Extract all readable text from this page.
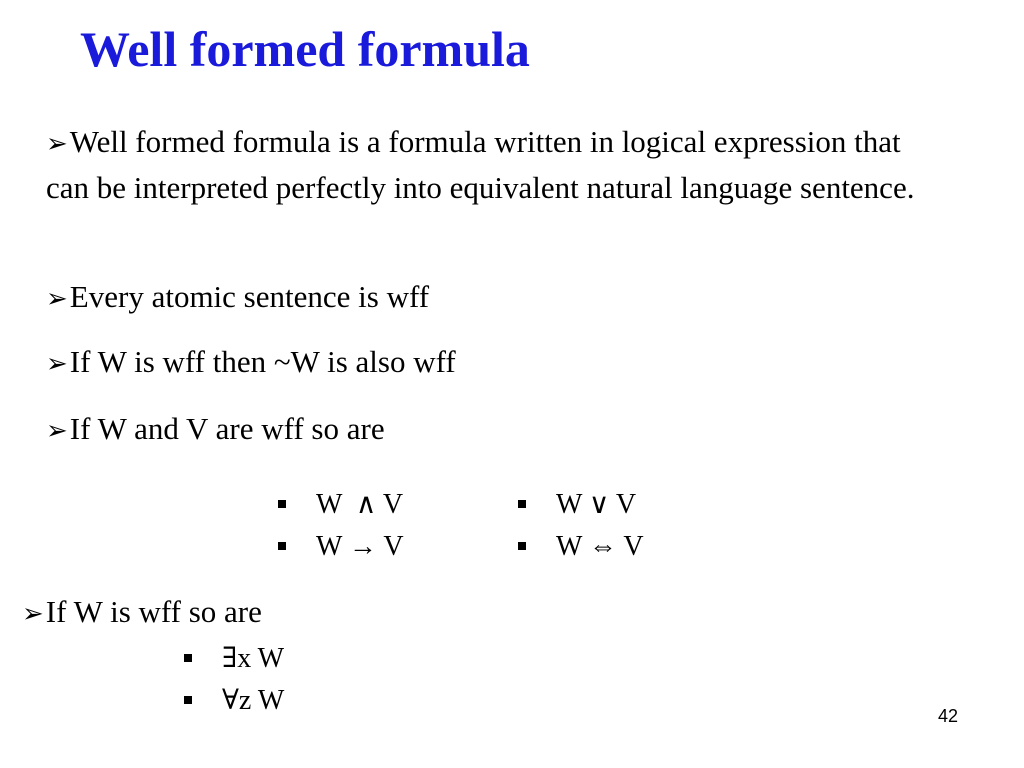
Well formed formula
➢Well formed formula is a formula written in logical expression that can be interpreted perfectly into equivalent natural language sentence.
➢Every atomic sentence is wff
➢If W is wff then ~W is also wff
➢If W and V are wff so are
W  ∧ V
W → V
W ∨ V
W ⇔ V
➢If W is wff so are
∃x W
∀z W	42
